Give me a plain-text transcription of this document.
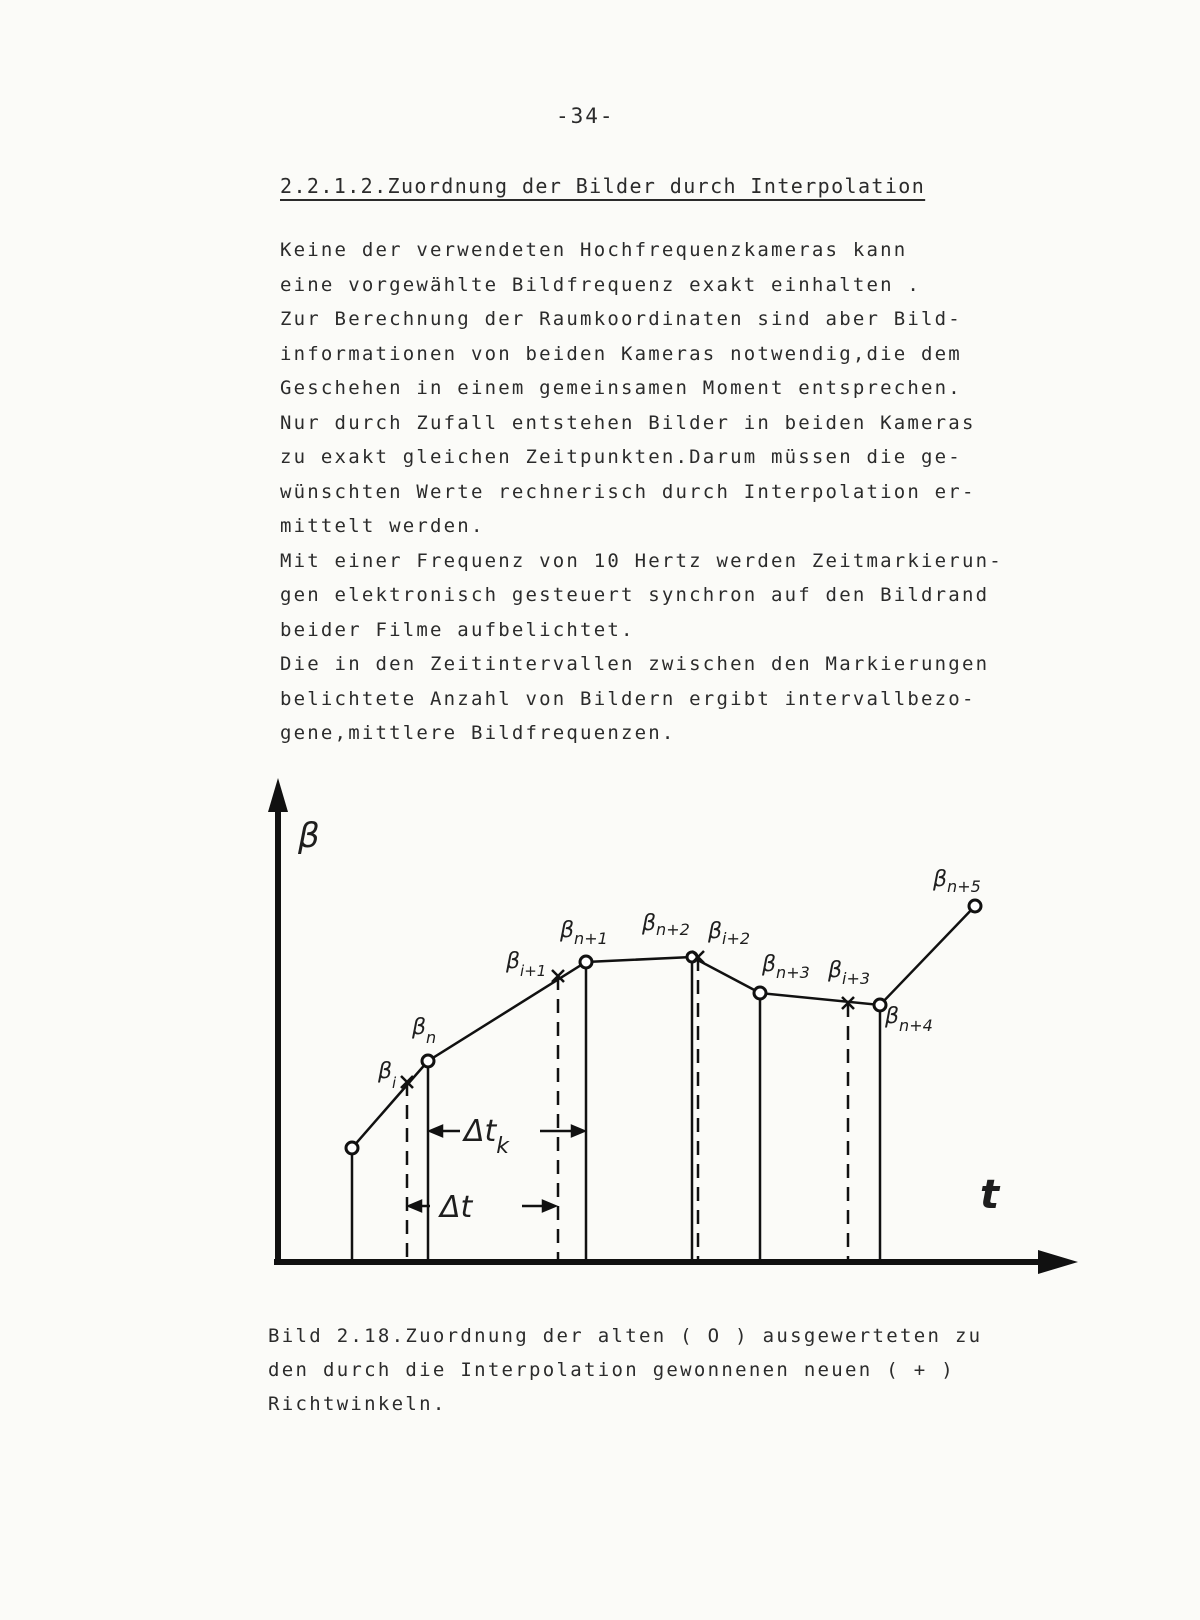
-34-
2.2.1.2.Zuordnung der Bilder durch Interpolation
Keine der verwendeten Hochfrequenzkameras kann
eine vorgewählte Bildfrequenz exakt einhalten .
Zur Berechnung der Raumkoordinaten sind aber Bild-
informationen von beiden Kameras notwendig,die dem
Geschehen in einem gemeinsamen Moment entsprechen.
Nur durch Zufall entstehen Bilder in beiden Kameras
zu exakt gleichen Zeitpunkten.Darum müssen die ge-
wünschten Werte rechnerisch durch Interpolation er-
mittelt werden.
Mit einer Frequenz von 10 Hertz werden Zeitmarkierun-
gen elektronisch gesteuert synchron auf den Bildrand
beider Filme aufbelichtet.
Die in den Zeitintervallen zwischen den Markierungen
belichtete Anzahl von Bildern ergibt intervallbezo-
gene,mittlere Bildfrequenzen.
β
t
$\beta_i$
$\beta_n$
$\beta_{i+1}$
$\beta_{n+1}$
$\beta_{n+2}$ $\beta_{i+2}$
$\beta_{n+3}$ $\beta_{i+3}$
$\beta_{n+4}$
$\beta_{n+5}$
$\Delta t_k$
Δt
Bild 2.18.Zuordnung der alten ( O ) ausgewerteten zu
den durch die Interpolation gewonnenen neuen ( + )
Richtwinkeln.
